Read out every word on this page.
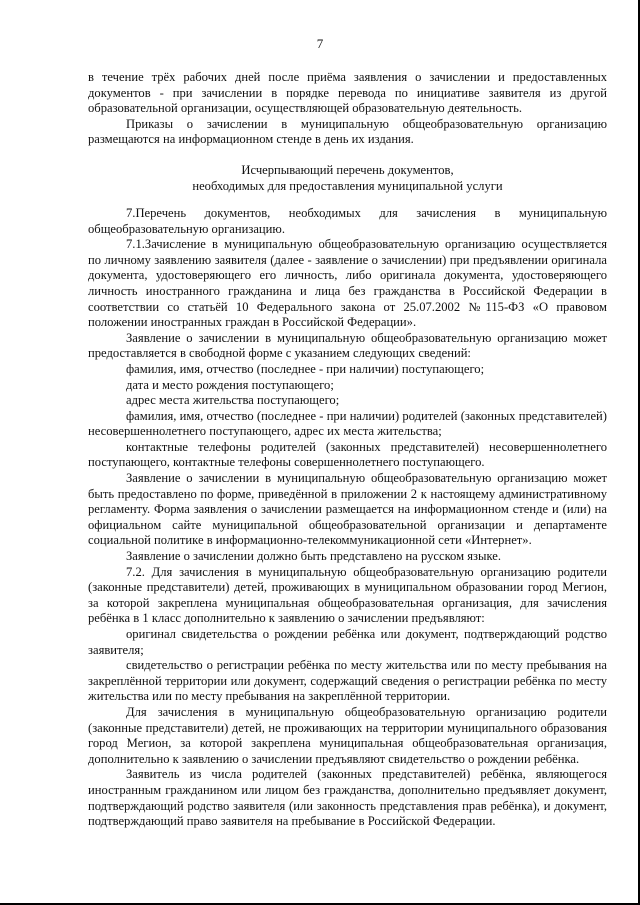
7

в течение трёх рабочих дней после приёма заявления о зачислении и предоставленных документов - при зачислении в порядке перевода по инициативе заявителя из другой образовательной организации, осуществляющей образовательную деятельность.

Приказы о зачислении в муниципальную общеобразовательную организацию размещаются на информационном стенде в день их издания.

Исчерпывающий перечень документов,
необходимых для предоставления муниципальной услуги

7.Перечень документов, необходимых для зачисления в муниципальную общеобразовательную организацию.

7.1.Зачисление в муниципальную общеобразовательную организацию осуществляется по личному заявлению заявителя (далее - заявление о зачислении) при предъявлении оригинала документа, удостоверяющего его личность, либо оригинала документа, удостоверяющего личность иностранного гражданина и лица без гражданства в Российской Федерации в соответствии со статьёй 10 Федерального закона от 25.07.2002 №115-ФЗ «О правовом положении иностранных граждан в Российской Федерации».

Заявление о зачислении в муниципальную общеобразовательную организацию может предоставляется в свободной форме с указанием следующих сведений:

фамилия, имя, отчество (последнее - при наличии) поступающего;

дата и место рождения поступающего;

адрес места жительства поступающего;

фамилия, имя, отчество (последнее - при наличии) родителей (законных представителей) несовершеннолетнего поступающего, адрес их места жительства;

контактные телефоны родителей (законных представителей) несовершеннолетнего поступающего, контактные телефоны совершеннолетнего поступающего.

Заявление о зачислении в муниципальную общеобразовательную организацию может быть предоставлено по форме, приведённой в приложении 2 к настоящему административному регламенту. Форма заявления о зачислении размещается на информационном стенде и (или) на официальном сайте муниципальной общеобразовательной организации и департаменте социальной политике в информационно-телекоммуникационной сети «Интернет».

Заявление о зачислении должно быть представлено на русском языке.

7.2. Для зачисления в муниципальную общеобразовательную организацию родители (законные представители) детей, проживающих в муниципальном образовании город Мегион, за которой закреплена муниципальная общеобразовательная организация, для зачисления ребёнка в 1 класс дополнительно к заявлению о зачислении предъявляют:

оригинал свидетельства о рождении ребёнка или документ, подтверждающий родство заявителя;

свидетельство о регистрации ребёнка по месту жительства или по месту пребывания на закреплённой территории или документ, содержащий сведения о регистрации ребёнка по месту жительства или по месту пребывания на закреплённой территории.

Для зачисления в муниципальную общеобразовательную организацию родители (законные представители) детей, не проживающих на территории муниципального образования город Мегион, за которой закреплена муниципальная общеобразовательная организация, дополнительно к заявлению о зачислении предъявляют свидетельство о рождении ребёнка.

Заявитель из числа родителей (законных представителей) ребёнка, являющегося иностранным гражданином или лицом без гражданства, дополнительно предъявляет документ, подтверждающий родство заявителя (или законность представления прав ребёнка), и документ, подтверждающий право заявителя на пребывание в Российской Федерации.
